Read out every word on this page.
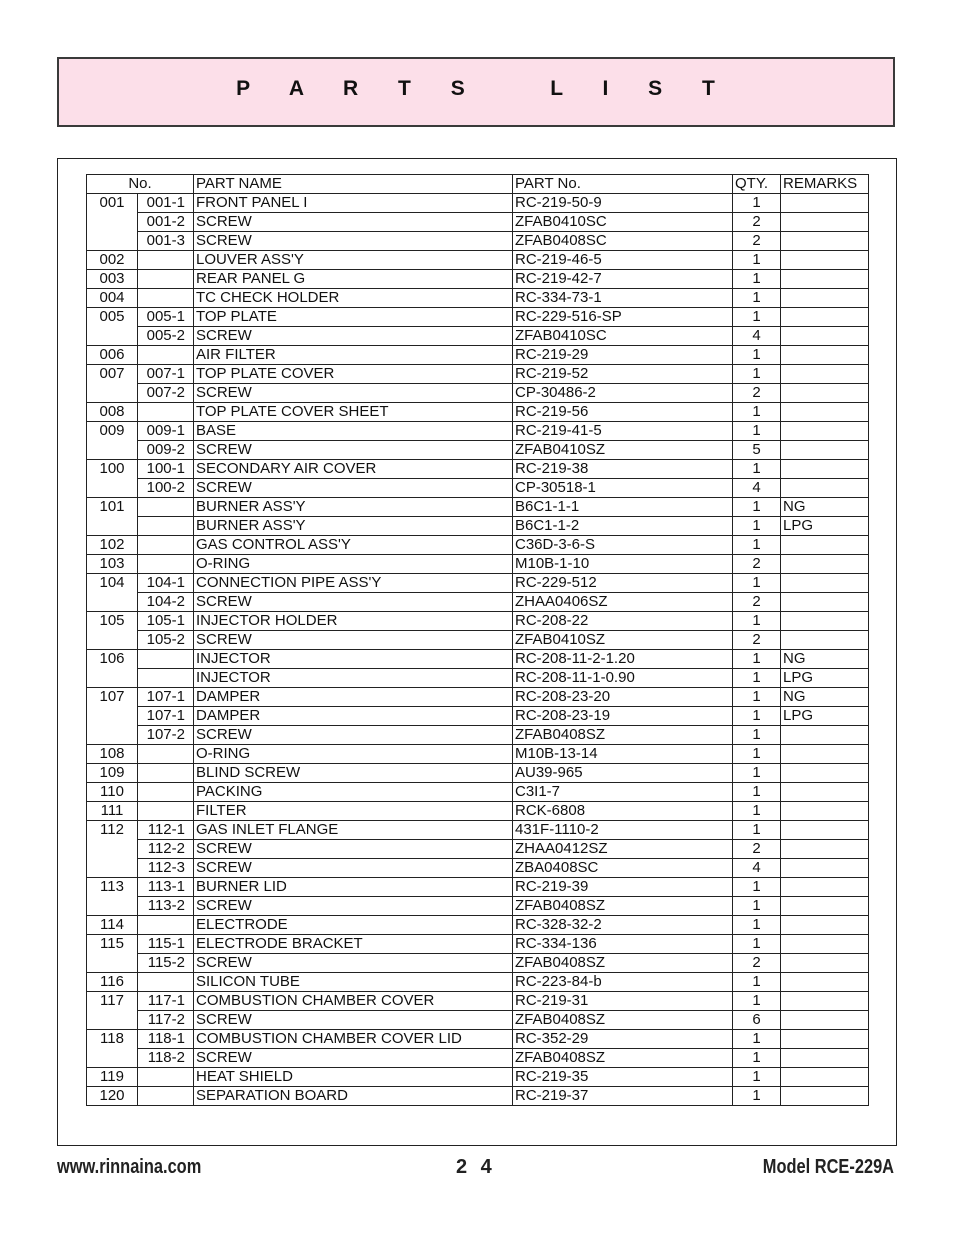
P A R T S   L I S T
No.		PART NAME	PART No.	QTY.	REMARKS
001	001-1	FRONT PANEL I	RC-219-50-9	1	
	001-2	SCREW	ZFAB0410SC	2	
	001-3	SCREW	ZFAB0408SC	2	
002		LOUVER ASS'Y	RC-219-46-5	1	
003		REAR PANEL G	RC-219-42-7	1	
004		TC CHECK HOLDER	RC-334-73-1	1	
005	005-1	TOP PLATE	RC-229-516-SP	1	
	005-2	SCREW	ZFAB0410SC	4	
006		AIR FILTER	RC-219-29	1	
007	007-1	TOP PLATE COVER	RC-219-52	1	
	007-2	SCREW	CP-30486-2	2	
008		TOP PLATE COVER SHEET	RC-219-56	1	
009	009-1	BASE	RC-219-41-5	1	
	009-2	SCREW	ZFAB0410SZ	5	
100	100-1	SECONDARY AIR COVER	RC-219-38	1	
	100-2	SCREW	CP-30518-1	4	
101		BURNER ASS'Y	B6C1-1-1	1	NG
		BURNER ASS'Y	B6C1-1-2	1	LPG
102		GAS CONTROL ASS'Y	C36D-3-6-S	1	
103		O-RING	M10B-1-10	2	
104	104-1	CONNECTION PIPE ASS'Y	RC-229-512	1	
	104-2	SCREW	ZHAA0406SZ	2	
105	105-1	INJECTOR HOLDER	RC-208-22	1	
	105-2	SCREW	ZFAB0410SZ	2	
106		INJECTOR	RC-208-11-2-1.20	1	NG
		INJECTOR	RC-208-11-1-0.90	1	LPG
107	107-1	DAMPER	RC-208-23-20	1	NG
	107-1	DAMPER	RC-208-23-19	1	LPG
	107-2	SCREW	ZFAB0408SZ	1	
108		O-RING	M10B-13-14	1	
109		BLIND SCREW	AU39-965	1	
110		PACKING	C3I1-7	1	
111		FILTER	RCK-6808	1	
112	112-1	GAS INLET FLANGE	431F-1110-2	1	
	112-2	SCREW	ZHAA0412SZ	2	
	112-3	SCREW	ZBA0408SC	4	
113	113-1	BURNER LID	RC-219-39	1	
	113-2	SCREW	ZFAB0408SZ	1	
114		ELECTRODE	RC-328-32-2	1	
115	115-1	ELECTRODE BRACKET	RC-334-136	1	
	115-2	SCREW	ZFAB0408SZ	2	
116		SILICON TUBE	RC-223-84-b	1	
117	117-1	COMBUSTION CHAMBER COVER	RC-219-31	1	
	117-2	SCREW	ZFAB0408SZ	6	
118	118-1	COMBUSTION CHAMBER COVER LID	RC-352-29	1	
	118-2	SCREW	ZFAB0408SZ	1	
119		HEAT SHIELD	RC-219-35	1	
120		SEPARATION BOARD	RC-219-37	1	
www.rinnaina.com	2 4	Model RCE-229A
